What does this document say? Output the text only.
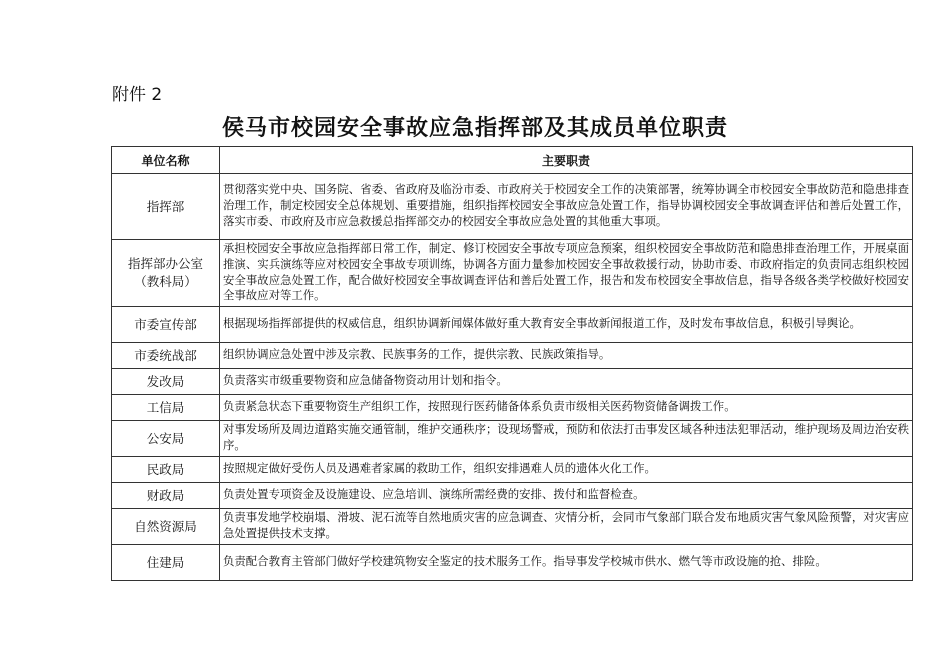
附件 2
侯马市校园安全事故应急指挥部及其成员单位职责
单位名称	主要职责
指挥部	贯彻落实党中央、国务院、省委、省政府及临汾市委、市政府关于校园安全工作的决策部署，统筹协调全市校园安全事故防范和隐患排查治理工作，制定校园安全总体规划、重要措施，组织指挥校园安全事故应急处置工作，指导协调校园安全事故调查评估和善后处置工作，落实市委、市政府及市应急救援总指挥部交办的校园安全事故应急处置的其他重大事项。

指挥部办公室
（教科局）	承担校园安全事故应急指挥部日常工作，制定、修订校园安全事故专项应急预案，组织校园安全事故防范和隐患排查治理工作，开展桌面推演、实兵演练等应对校园安全事故专项训练，协调各方面力量参加校园安全事故救援行动，协助市委、市政府指定的负责同志组织校园安全事故应急处置工作，配合做好校园安全事故调查评估和善后处置工作，报告和发布校园安全事故信息，指导各级各类学校做好校园安全事故应对等工作。
市委宣传部	根据现场指挥部提供的权威信息，组织协调新闻媒体做好重大教育安全事故新闻报道工作，及时发布事故信息，积极引导舆论。
市委统战部	组织协调应急处置中涉及宗教、民族事务的工作，提供宗教、民族政策指导。
发改局	负责落实市级重要物资和应急储备物资动用计划和指令。
工信局	负责紧急状态下重要物资生产组织工作，按照现行医药储备体系负责市级相关医药物资储备调拨工作。
公安局	对事发场所及周边道路实施交通管制，维护交通秩序；设现场警戒，预防和依法打击事发区域各种违法犯罪活动，维护现场及周边治安秩序。
民政局	按照规定做好受伤人员及遇难者家属的救助工作，组织安排遇难人员的遗体火化工作。
财政局	负责处置专项资金及设施建设、应急培训、演练所需经费的安排、拨付和监督检查。
自然资源局	负责事发地学校崩塌、滑坡、泥石流等自然地质灾害的应急调查、灾情分析，会同市气象部门联合发布地质灾害气象风险预警，对灾害应急处置提供技术支撑。
住建局	负责配合教育主管部门做好学校建筑物安全鉴定的技术服务工作。指导事发学校城市供水、燃气等市政设施的抢、排险。
